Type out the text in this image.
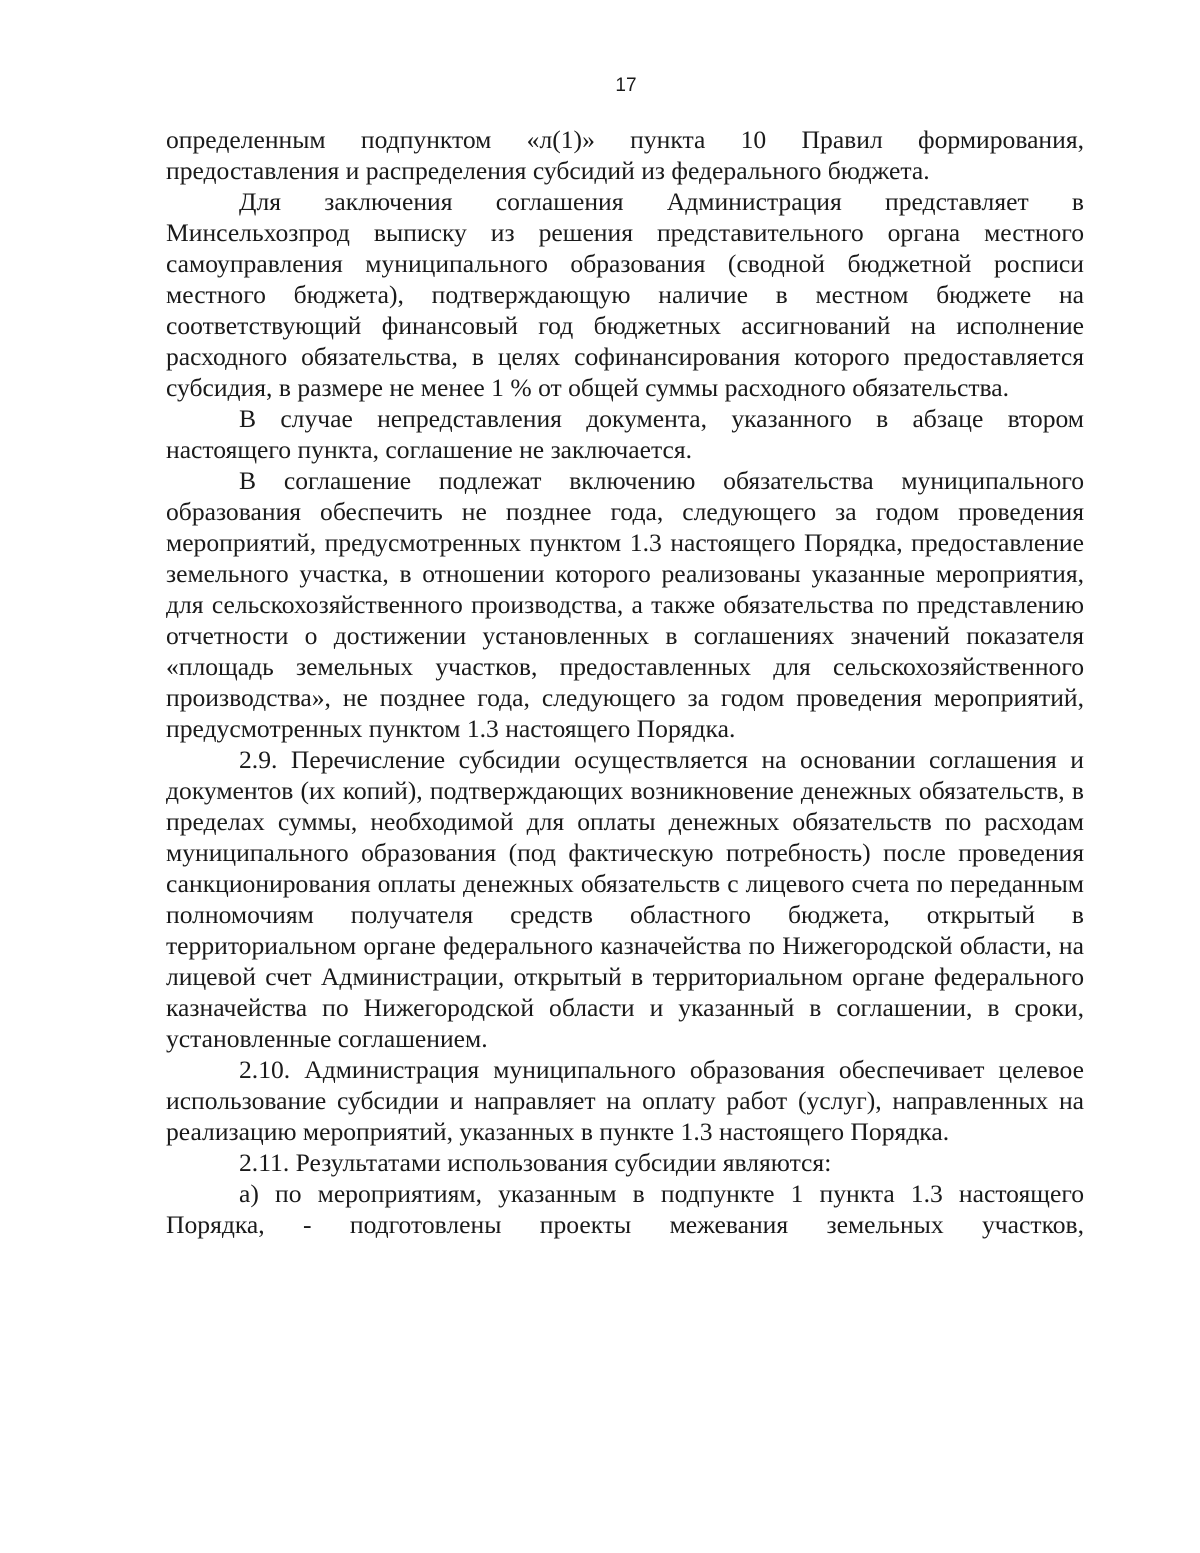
17

определенным подпунктом «л(1)» пункта 10 Правил формирования, предоставления и распределения субсидий из федерального бюджета.

Для заключения соглашения Администрация представляет в Минсельхозпрод выписку из решения представительного органа местного самоуправления муниципального образования (сводной бюджетной росписи местного бюджета), подтверждающую наличие в местном бюджете на соответствующий финансовый год бюджетных ассигнований на исполнение расходного обязательства, в целях софинансирования которого предоставляется субсидия, в размере не менее 1 % от общей суммы расходного обязательства.

В случае непредставления документа, указанного в абзаце втором настоящего пункта, соглашение не заключается.

В соглашение подлежат включению обязательства муниципального образования обеспечить не позднее года, следующего за годом проведения мероприятий, предусмотренных пунктом 1.3 настоящего Порядка, предоставление земельного участка, в отношении которого реализованы указанные мероприятия, для сельскохозяйственного производства, а также обязательства по представлению отчетности о достижении установленных в соглашениях значений показателя «площадь земельных участков, предоставленных для сельскохозяйственного производства», не позднее года, следующего за годом проведения мероприятий, предусмотренных пунктом 1.3 настоящего Порядка.

2.9. Перечисление субсидии осуществляется на основании соглашения и документов (их копий), подтверждающих возникновение денежных обязательств, в пределах суммы, необходимой для оплаты денежных обязательств по расходам муниципального образования (под фактическую потребность) после проведения санкционирования оплаты денежных обязательств с лицевого счета по переданным полномочиям получателя средств областного бюджета, открытый в территориальном органе федерального казначейства по Нижегородской области, на лицевой счет Администрации, открытый в территориальном органе федерального казначейства по Нижегородской области и указанный в соглашении, в сроки, установленные соглашением.

2.10. Администрация муниципального образования обеспечивает целевое использование субсидии и направляет на оплату работ (услуг), направленных на реализацию мероприятий, указанных в пункте 1.3 настоящего Порядка.

2.11. Результатами использования субсидии являются:

а) по мероприятиям, указанным в подпункте 1 пункта 1.3 настоящего Порядка, - подготовлены проекты межевания земельных участков,
